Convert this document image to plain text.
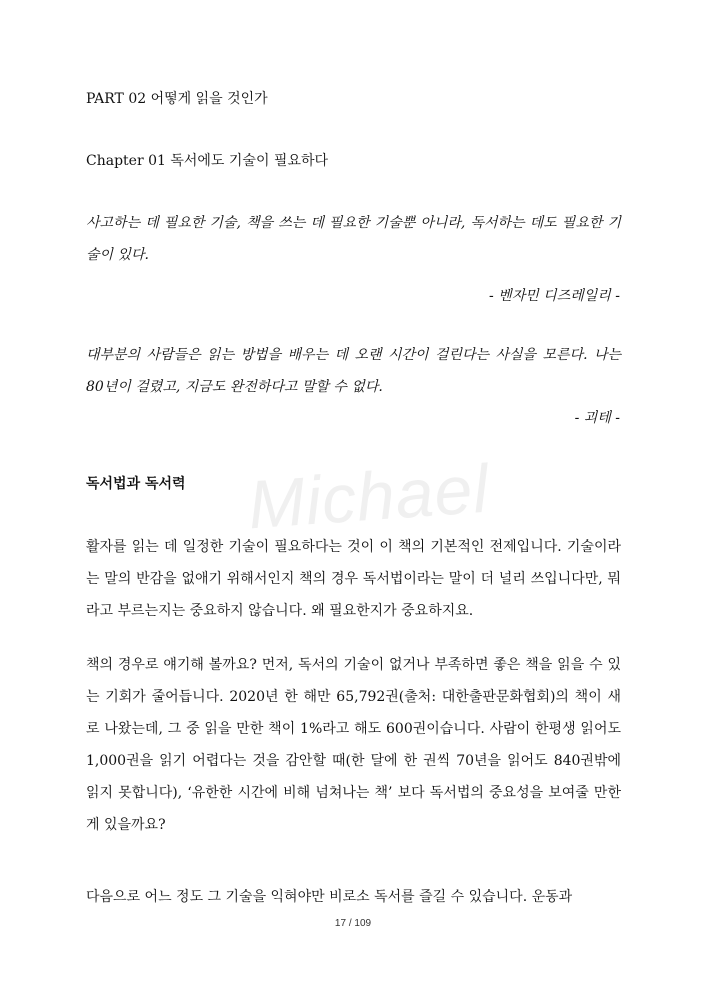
Michael
PART 02 어떻게 읽을 것인가
Chapter 01 독서에도 기술이 필요하다

사고하는 데 필요한 기술, 책을 쓰는 데 필요한 기술뿐 아니라, 독서하는 데도 필요한 기술이 있다.

- 벤자민 디즈레일리 -

대부분의 사람들은 읽는 방법을 배우는 데 오랜 시간이 걸린다는 사실을 모른다. 나는 80년이 걸렸고, 지금도 완전하다고 말할 수 없다.

- 괴테 -
독서법과 독서력

활자를 읽는 데 일정한 기술이 필요하다는 것이 이 책의 기본적인 전제입니다. 기술이라는 말의 반감을 없애기 위해서인지 책의 경우 독서법이라는 말이 더 널리 쓰입니다만, 뭐라고 부르는지는 중요하지 않습니다. 왜 필요한지가 중요하지요.

책의 경우로 얘기해 볼까요? 먼저, 독서의 기술이 없거나 부족하면 좋은 책을 읽을 수 있는 기회가 줄어듭니다. 2020년 한 해만 65,792권(출처: 대한출판문화협회)의 책이 새로 나왔는데, 그 중 읽을 만한 책이 1%라고 해도 600권이습니다. 사람이 한평생 읽어도 1,000권을 읽기 어렵다는 것을 감안할 때(한 달에 한 권씩 70년을 읽어도 840권밖에 읽지 못합니다), ‘유한한 시간에 비해 넘쳐나는 책’ 보다 독서법의 중요성을 보여줄 만한 게 있을까요?

다음으로 어느 정도 그 기술을 익혀야만 비로소 독서를 즐길 수 있습니다. 운동과

17 / 109
